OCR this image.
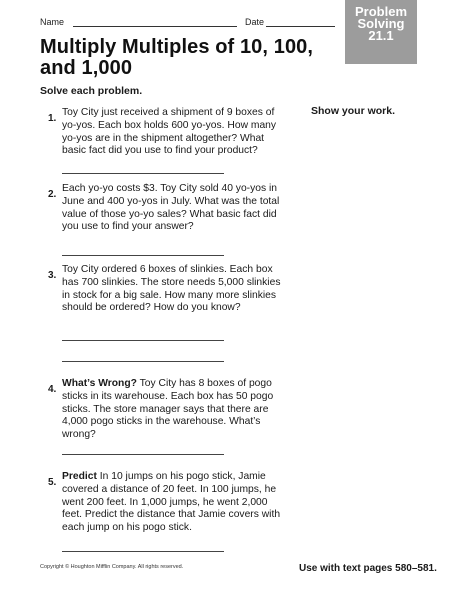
Name	Date
Problem
Solving
21.1
Multiply Multiples of 10, 100, and 1,000
Solve each problem.
Show your work.
1.
Toy City just received a shipment of 9 boxes of yo-yos. Each box holds 600 yo-yos. How many yo-yos are in the shipment altogether? What basic fact did you use to find your product?
2.
Each yo-yo costs $3. Toy City sold 40 yo-yos in June and 400 yo-yos in July. What was the total value of those yo-yo sales? What basic fact did you use to find your answer?
3.
Toy City ordered 6 boxes of slinkies. Each box has 700 slinkies. The store needs 5,000 slinkies in stock for a big sale. How many more slinkies should be ordered? How do you know?
4.
What’s Wrong? Toy City has 8 boxes of pogo sticks in its warehouse. Each box has 50 pogo sticks. The store manager says that there are 4,000 pogo sticks in the warehouse. What’s wrong?
5.
Predict In 10 jumps on his pogo stick, Jamie covered a distance of 20 feet. In 100 jumps, he went 200 feet. In 1,000 jumps, he went 2,000 feet. Predict the distance that Jamie covers with each jump on his pogo stick.
Copyright © Houghton Mifflin Company. All rights reserved.	Use with text pages 580–581.
